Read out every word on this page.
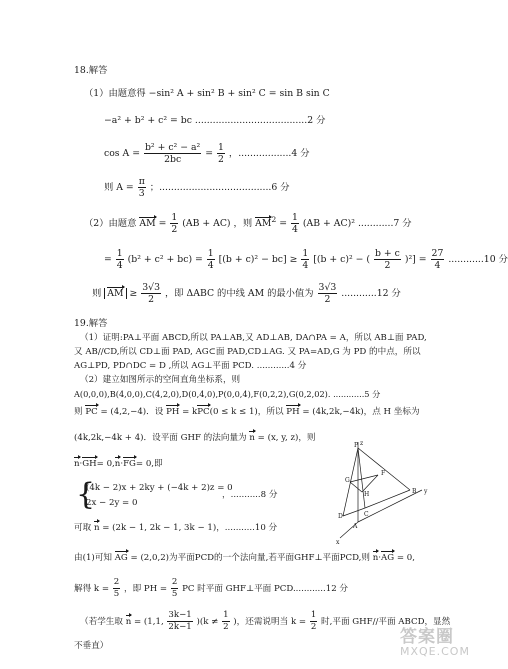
18.解答
（1）由题意得 −sin² A + sin² B + sin² C = sin B sin C
−a² + b² + c² = bc ......................................2 分
$\cos A = \frac{\text{b² + c² − a²}}{2bc} = \frac{1}{2}$ ，..................4 分
则 $A = \frac{\pi}{3}$ ；......................................6 分
（2）由题意 AM = $\frac{1}{2} (AB + AC)$ ，则 $AM^2 = \frac{1}{4} (AB + AC)^2$ ............7 分
= $\frac{1}{4} (b^2 + c^2 + bc) = \frac{1}{4} [(b + c)^2 - bc] \ge \frac{1}{4} [(b + c)^2$ − ( $\frac{b + c}{2} )^2] = \frac{27}{4} ............10$ 分
则 AM ≥ $\frac{3√3}{2}$ ，即 ΔABC 的中线 AM 的最小值为 $\frac{3√3}{2} ............12$ 分
19.解答
（1）证明:PA⊥平面 ABCD,所以 PA⊥AB,又 AD⊥AB, DA∩PA = A，所以 AB⊥面 PAD,
又 AB//CD,所以 CD⊥面 PAD, AG⊂面 PAD,CD⊥AG. 又 PA=AD,G 为 PD 的中点，所以
AG⊥PD, PD∩DC = D ,所以 AG⊥平面 PCD. ............4 分
（2）建立如图所示的空间直角坐标系，则
A(0,0,0),B(4,0,0),C(4,2,0),D(0,4,0),P(0,0,4),F(0,2,2),G(0,2,02). ............5 分
则 PC = (4,2,−4)．设 PH = kPC(0 ≤ k ≤ 1)，所以 PH = (4k,2k,−4k)，点 H 坐标为
(4k,2k,−4k + 4)．设平面 GHF 的法向量为 n = (x, y, z)，则
n·GH= 0,n·FG= 0,即
{
(4k − 2)x + 2ky + (−4k + 2)z = 0
2x − 2y = 0
，...........8 分
可取 n = (2k − 1, 2k − 1, 3k − 1)，...........10 分
由(1)可知 AG = (2,0,2)为平面PCD的一个法向量,若平面GHF⊥平面PCD,则 n·AG = 0,
解得 $k = \frac{2}{5}$ ，即 PH = $\frac{2}{5}$ PC 时平面 GHF⊥平面 PCD............12 分
（若学生取 n = (1,1, $\frac{3k-1}{2k-1} )(k \ne \frac{1}{2}$ )，还需说明当 $k = \frac{1}{2}$ 时,平面 GHF//平面 ABCD，显然
不垂直）
P
F
G
H
A
B
C
D
x
y
z
答案圈
MXQE.COM
